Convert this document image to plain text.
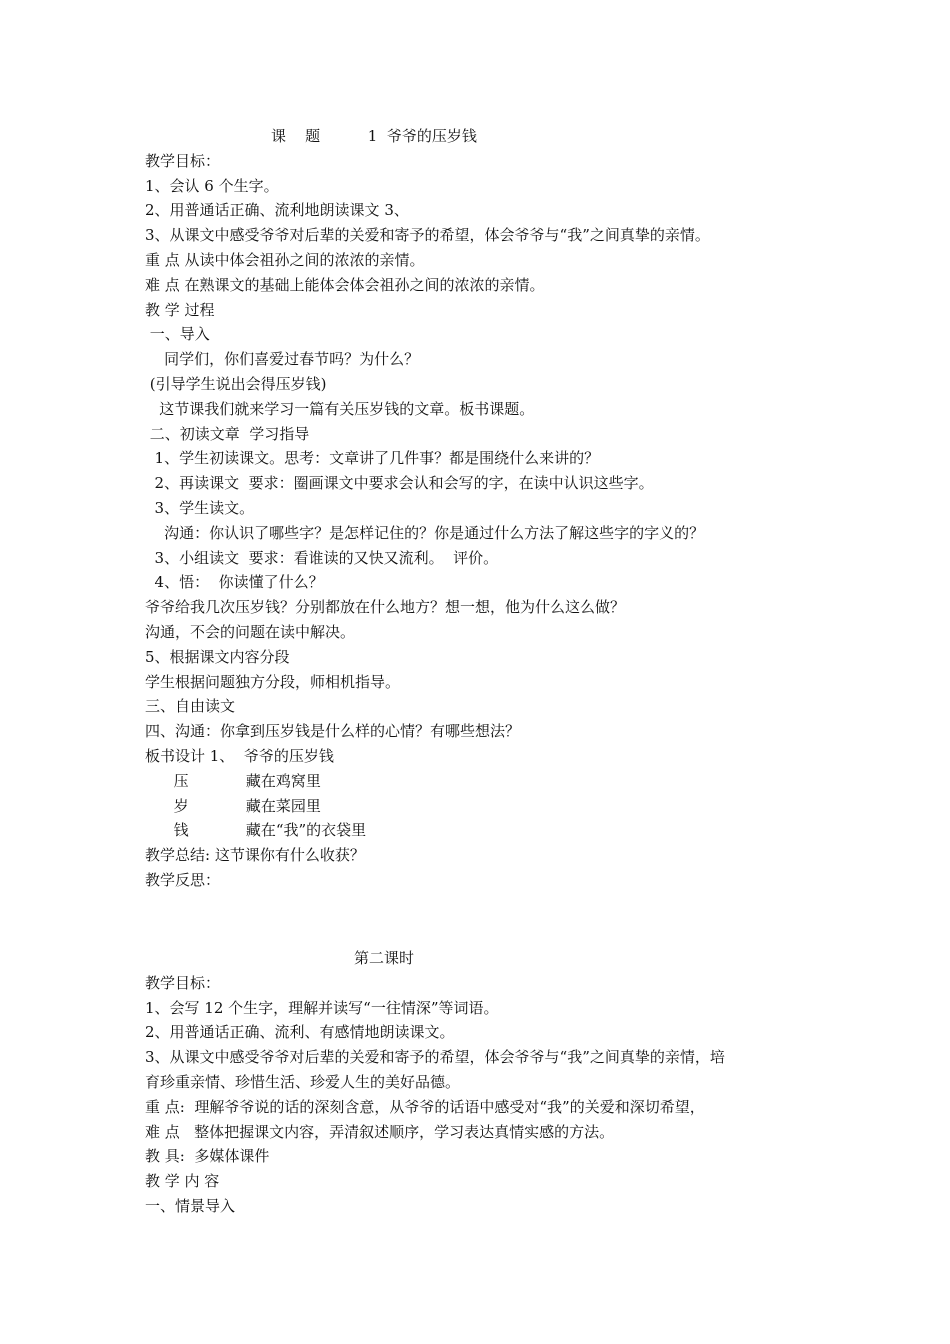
课    题          1  爷爷的压岁钱
教学目标：
1、会认 6 个生字。
2、用普通话正确、流利地朗读课文 3、
3、从课文中感受爷爷对后辈的关爱和寄予的希望，体会爷爷与“我”之间真挚的亲情。
重 点 从读中体会祖孙之间的浓浓的亲情。
难 点 在熟课文的基础上能体会体会祖孙之间的浓浓的亲情。
教 学 过程
一、导入
同学们，你们喜爱过春节吗？为什么？
(引导学生说出会得压岁钱)
这节课我们就来学习一篇有关压岁钱的文章。板书课题。
二、初读文章  学习指导
1、学生初读课文。思考：文章讲了几件事？都是围绕什么来讲的？
2、再读课文  要求：圈画课文中要求会认和会写的字，在读中认识这些字。
3、学生读文。
沟通：你认识了哪些字？是怎样记住的？你是通过什么方法了解这些字的字义的？
3、小组读文  要求：看谁读的又快又流利。  评价。
4、悟：  你读懂了什么？
爷爷给我几次压岁钱？分别都放在什么地方？想一想，他为什么这么做？
沟通，不会的问题在读中解决。
5、根据课文内容分段
学生根据问题独方分段，师相机指导。
三、自由读文
四、沟通：你拿到压岁钱是什么样的心情？有哪些想法？
板书设计 1、  爷爷的压岁钱
压            藏在鸡窝里
岁            藏在菜园里
钱            藏在“我”的衣袋里
教学总结: 这节课你有什么收获？
教学反思：
第二课时
教学目标：
1、会写 12 个生字，理解并读写“一往情深”等词语。
2、用普通话正确、流利、有感情地朗读课文。
3、从课文中感受爷爷对后辈的关爱和寄予的希望，体会爷爷与“我”之间真挚的亲情，培
育珍重亲情、珍惜生活、珍爱人生的美好品德。
重 点:  理解爷爷说的话的深刻含意，从爷爷的话语中感受对“我”的关爱和深切希望，
难 点   整体把握课文内容，弄清叙述顺序，学习表达真情实感的方法。
教 具:  多媒体课件
教 学 内 容
一、情景导入
